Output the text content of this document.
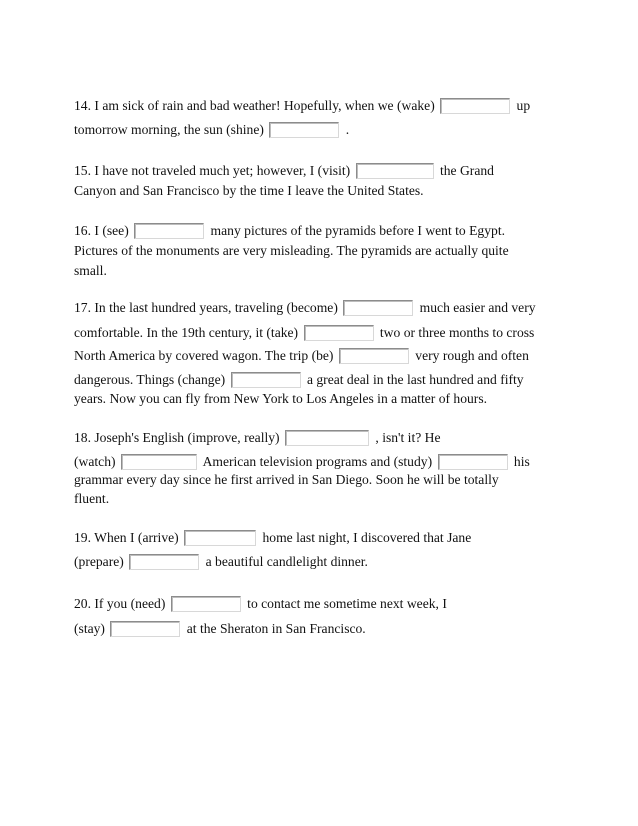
14. I am sick of rain and bad weather! Hopefully, when we (wake)	up
tomorrow morning, the sun (shine)	.
15. I have not traveled much yet; however, I (visit)	the Grand
Canyon and San Francisco by the time I leave the United States.
16. I (see)	many pictures of the pyramids before I went to Egypt.
Pictures of the monuments are very misleading. The pyramids are actually quite
small.
17. In the last hundred years, traveling (become)	much easier and very
comfortable. In the 19th century, it (take)	two or three months to cross
North America by covered wagon. The trip (be)	very rough and often
dangerous. Things (change)	a great deal in the last hundred and fifty
years. Now you can fly from New York to Los Angeles in a matter of hours.
18. Joseph's English (improve, really)	, isn't it? He
(watch)	American television programs and (study)	his
grammar every day since he first arrived in San Diego. Soon he will be totally
fluent.
19. When I (arrive)	home last night, I discovered that Jane
(prepare)	a beautiful candlelight dinner.
20. If you (need)	to contact me sometime next week, I
(stay)	at the Sheraton in San Francisco.
